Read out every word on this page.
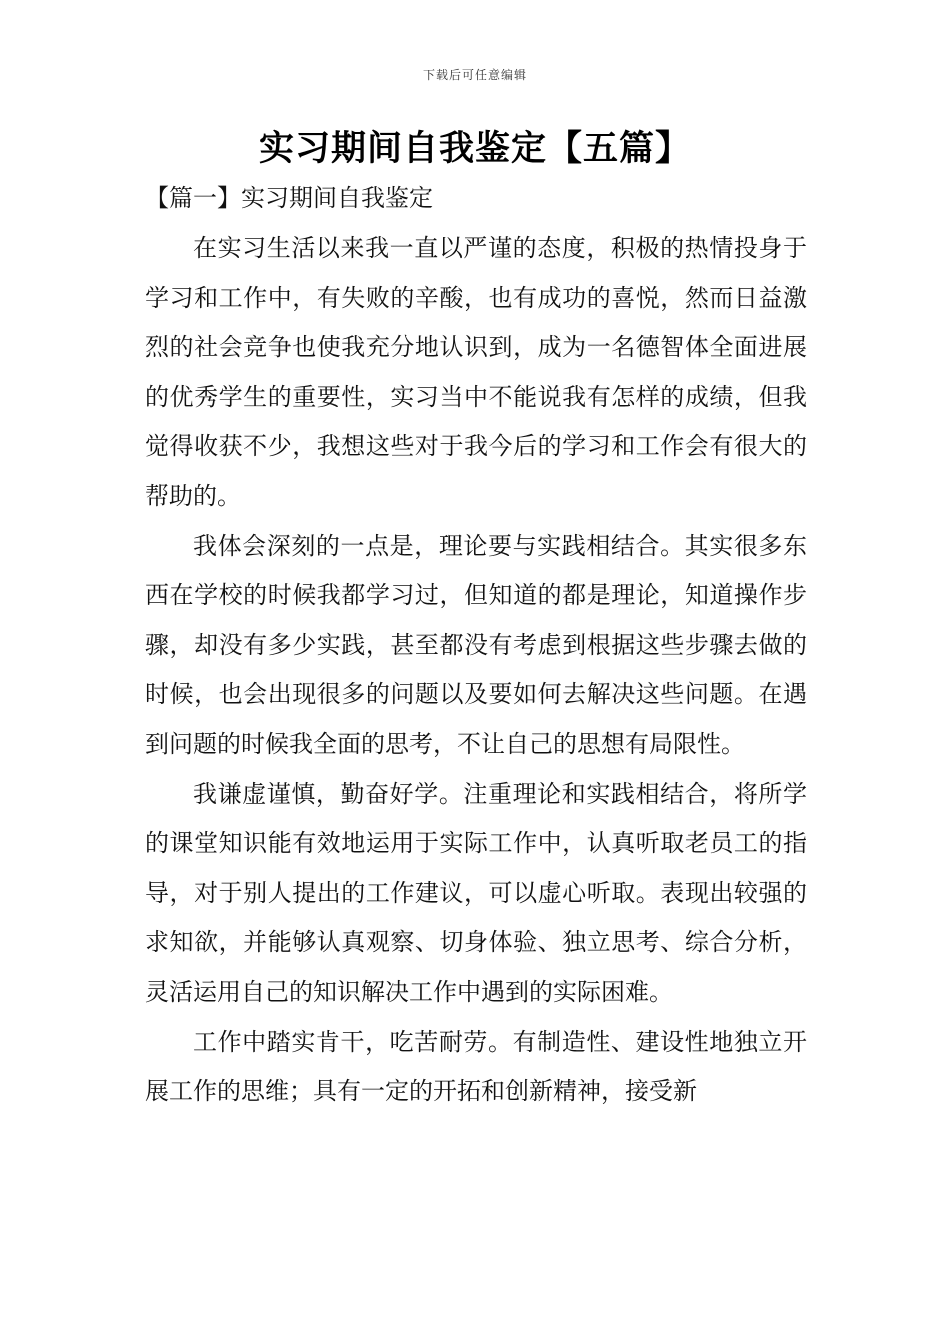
下载后可任意编辑
实习期间自我鉴定【五篇】
【篇一】实习期间自我鉴定

在实习生活以来我一直以严谨的态度，积极的热情投身于学习和工作中，有失败的辛酸，也有成功的喜悦，然而日益激烈的社会竞争也使我充分地认识到，成为一名德智体全面进展的优秀学生的重要性，实习当中不能说我有怎样的成绩，但我觉得收获不少，我想这些对于我今后的学习和工作会有很大的帮助的。

我体会深刻的一点是，理论要与实践相结合。其实很多东西在学校的时候我都学习过，但知道的都是理论，知道操作步骤，却没有多少实践，甚至都没有考虑到根据这些步骤去做的时候，也会出现很多的问题以及要如何去解决这些问题。在遇到问题的时候我全面的思考，不让自己的思想有局限性。

我谦虚谨慎，勤奋好学。注重理论和实践相结合，将所学的课堂知识能有效地运用于实际工作中，认真听取老员工的指导，对于别人提出的工作建议，可以虚心听取。表现出较强的求知欲，并能够认真观察、切身体验、独立思考、综合分析，灵活运用自己的知识解决工作中遇到的实际困难。

工作中踏实肯干，吃苦耐劳。有制造性、建设性地独立开展工作的思维；具有一定的开拓和创新精神，接受新
